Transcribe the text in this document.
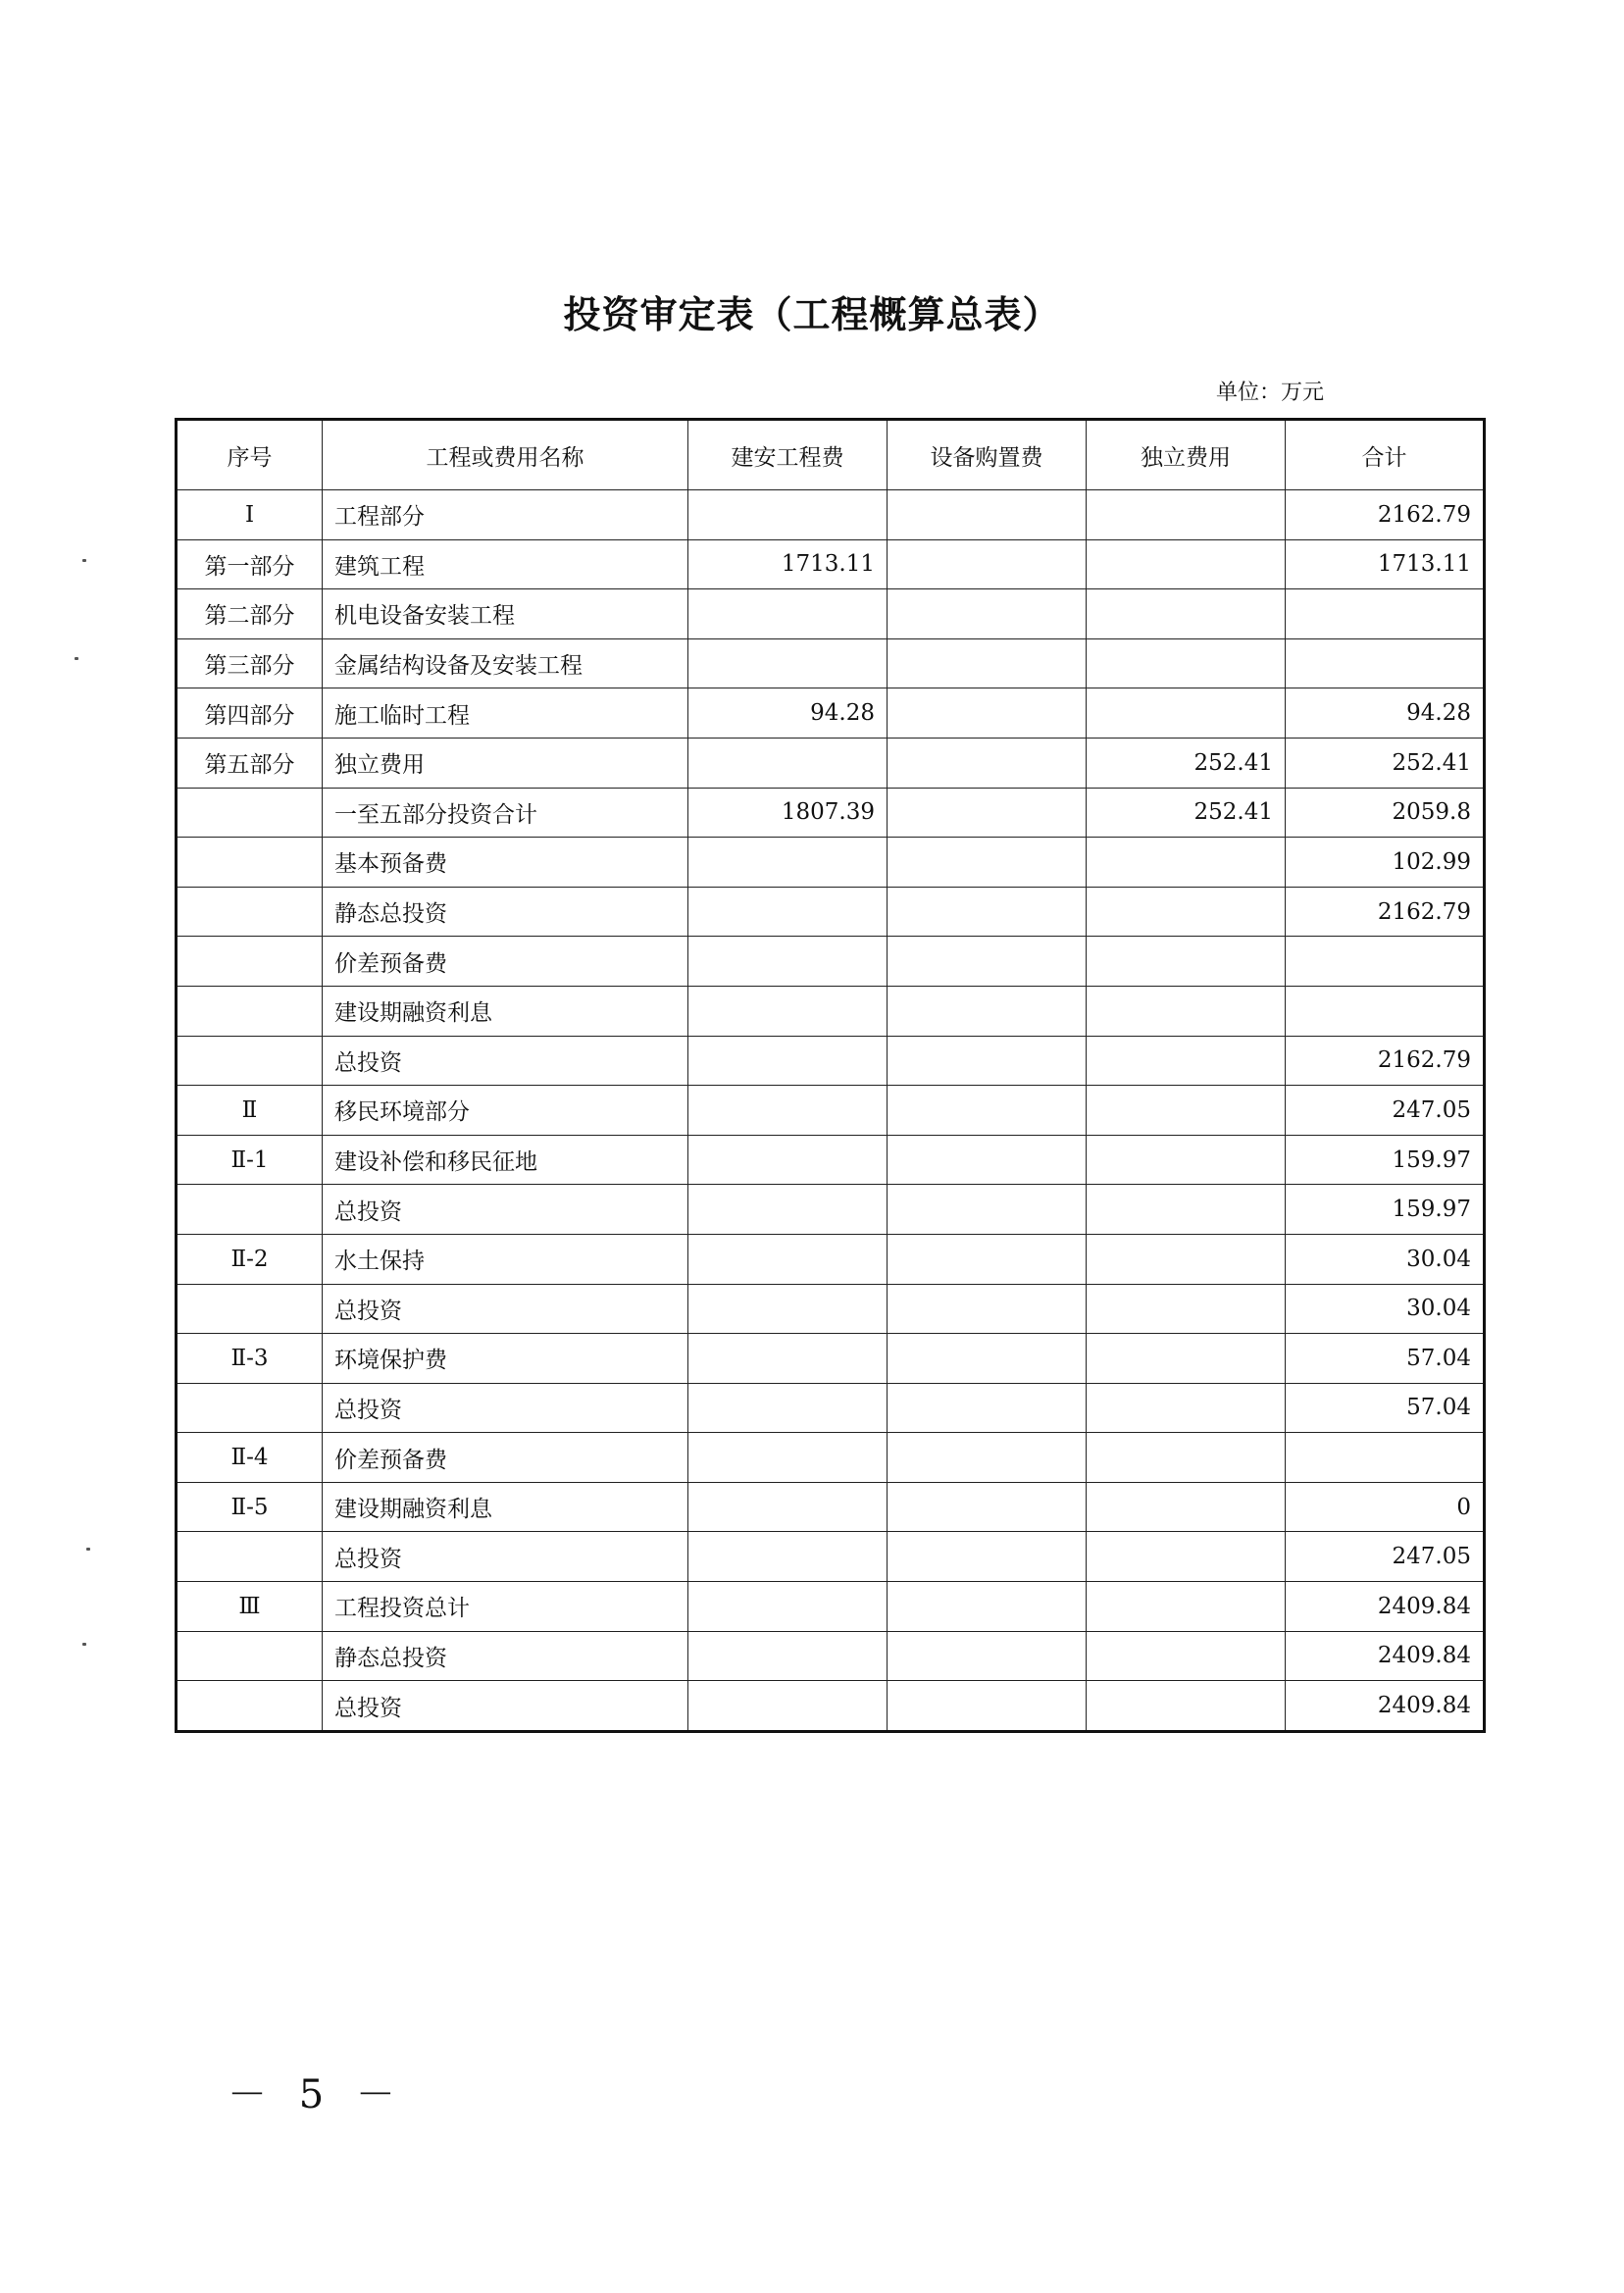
投资审定表（工程概算总表）
单位：万元
序号	工程或费用名称	建安工程费	设备购置费	独立费用	合计
Ⅰ	工程部分				2162.79
第一部分	建筑工程	1713.11			1713.11
第二部分	机电设备安装工程				
第三部分	金属结构设备及安装工程				
第四部分	施工临时工程	94.28			94.28
第五部分	独立费用			252.41	252.41
	一至五部分投资合计	1807.39		252.41	2059.8
	基本预备费				102.99
	静态总投资				2162.79
	价差预备费				
	建设期融资利息				
	总投资				2162.79
Ⅱ	移民环境部分				247.05
Ⅱ-1	建设补偿和移民征地				159.97
	总投资				159.97
Ⅱ-2	水土保持				30.04
	总投资				30.04
Ⅱ-3	环境保护费				57.04
	总投资				57.04
Ⅱ-4	价差预备费				
Ⅱ-5	建设期融资利息				0
	总投资				247.05
Ⅲ	工程投资总计				2409.84
	静态总投资				2409.84
	总投资				2409.84
－ 5 －
